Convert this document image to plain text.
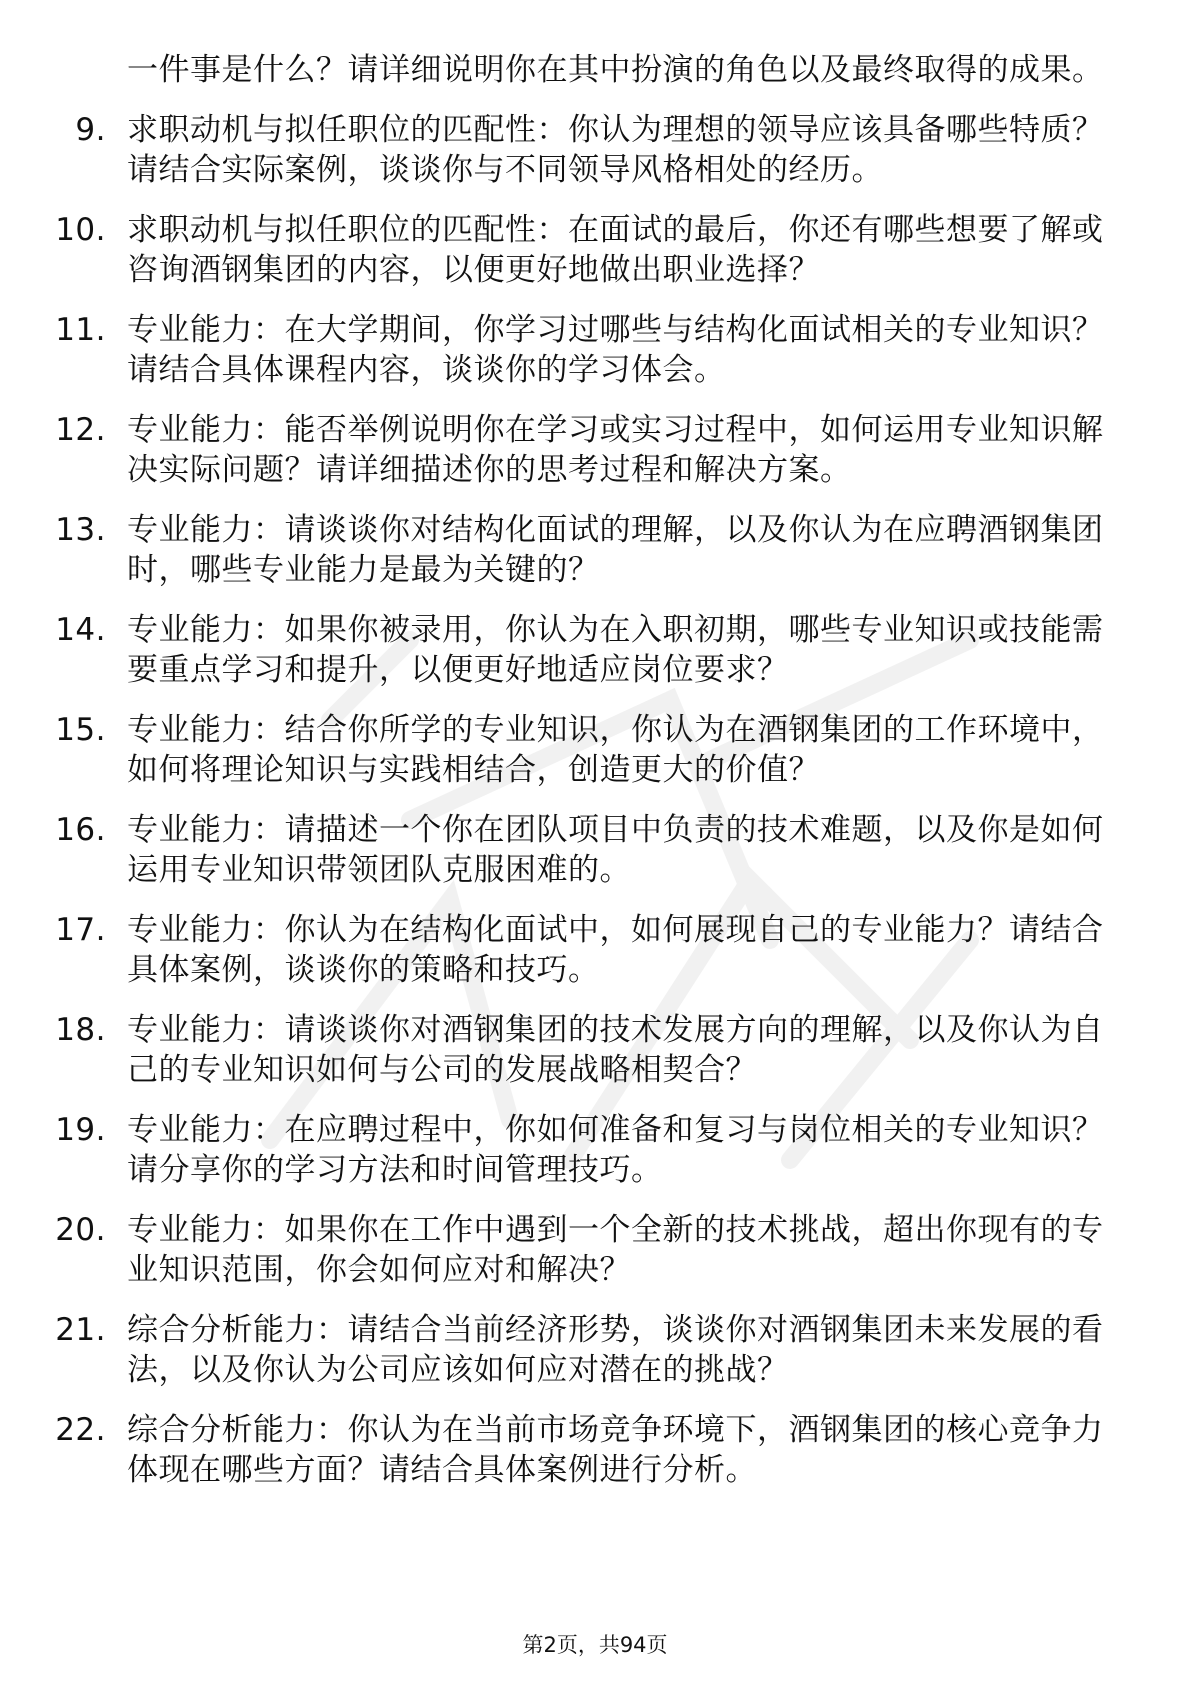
一件事是什么？请详细说明你在其中扮演的角色以及最终取得的成果。
9. 求职动机与拟任职位的匹配性：你认为理想的领导应该具备哪些特质？请结合实际案例，谈谈你与不同领导风格相处的经历。
10. 求职动机与拟任职位的匹配性：在面试的最后，你还有哪些想要了解或咨询酒钢集团的内容，以便更好地做出职业选择？
11. 专业能力：在大学期间，你学习过哪些与结构化面试相关的专业知识？请结合具体课程内容，谈谈你的学习体会。
12. 专业能力：能否举例说明你在学习或实习过程中，如何运用专业知识解决实际问题？请详细描述你的思考过程和解决方案。
13. 专业能力：请谈谈你对结构化面试的理解，以及你认为在应聘酒钢集团时，哪些专业能力是最为关键的？
14. 专业能力：如果你被录用，你认为在入职初期，哪些专业知识或技能需要重点学习和提升，以便更好地适应岗位要求？
15. 专业能力：结合你所学的专业知识，你认为在酒钢集团的工作环境中，如何将理论知识与实践相结合，创造更大的价值？
16. 专业能力：请描述一个你在团队项目中负责的技术难题，以及你是如何运用专业知识带领团队克服困难的。
17. 专业能力：你认为在结构化面试中，如何展现自己的专业能力？请结合具体案例，谈谈你的策略和技巧。
18. 专业能力：请谈谈你对酒钢集团的技术发展方向的理解，以及你认为自己的专业知识如何与公司的发展战略相契合？
19. 专业能力：在应聘过程中，你如何准备和复习与岗位相关的专业知识？请分享你的学习方法和时间管理技巧。
20. 专业能力：如果你在工作中遇到一个全新的技术挑战，超出你现有的专业知识范围，你会如何应对和解决？
21. 综合分析能力：请结合当前经济形势，谈谈你对酒钢集团未来发展的看法，以及你认为公司应该如何应对潜在的挑战？
22. 综合分析能力：你认为在当前市场竞争环境下，酒钢集团的核心竞争力体现在哪些方面？请结合具体案例进行分析。
第2页，共94页
